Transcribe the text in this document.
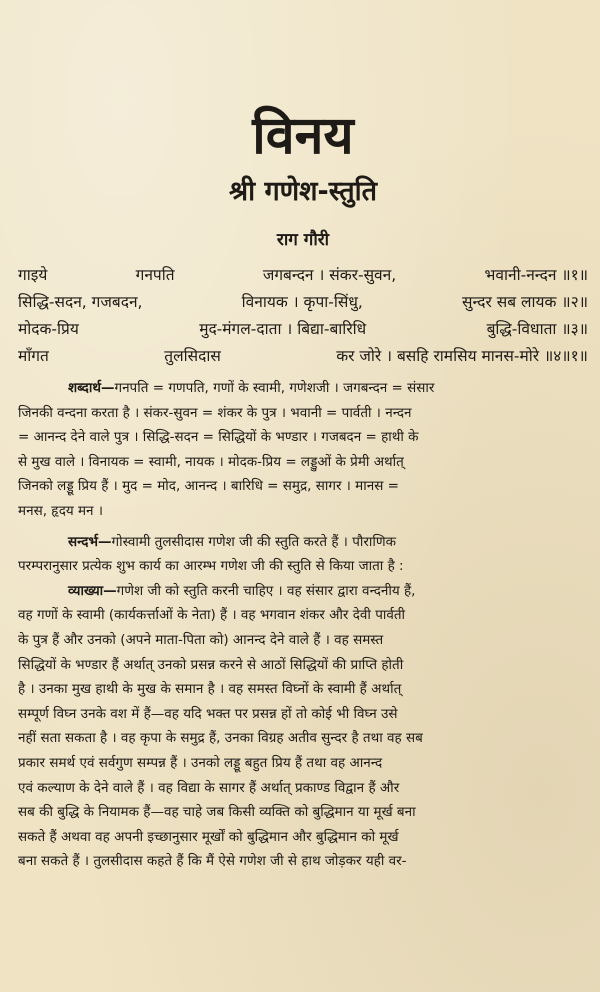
विनय
श्री गणेश-स्तुति
राग गौरी
गाइये	गनपति	जगबन्दन । संकर-सुवन,	भवानी-नन्दन ॥१॥
सिद्धि-सदन, गजबदन,	विनायक । कृपा-सिंधु,	सुन्दर सब लायक ॥२॥
मोदक-प्रिय	मुद-मंगल-दाता । बिद्या-बारिधि	बुद्धि-विधाता ॥३॥
माँगत	तुलसिदास	कर जोरे । बसहि रामसिय मानस-मोरे ॥४॥१॥

शब्दार्थ—गनपति = गणपति, गणों के स्वामी, गणेशजी । जगबन्दन = संसार

जिनकी वन्दना करता है । संकर-सुवन = शंकर के पुत्र । भवानी = पार्वती । नन्दन

= आनन्द देने वाले पुत्र । सिद्धि-सदन = सिद्धियों के भण्डार । गजबदन = हाथी के

से मुख वाले । विनायक = स्वामी, नायक । मोदक-प्रिय = लड्डुओं के प्रेमी अर्थात्

जिनको लड्डू प्रिय हैं । मुद = मोद, आनन्द । बारिधि = समुद्र, सागर । मानस =

मनस, हृदय मन ।

सन्दर्भ—गोस्वामी तुलसीदास गणेश जी की स्तुति करते हैं । पौराणिक

परम्परानुसार प्रत्येक शुभ कार्य का आरम्भ गणेश जी की स्तुति से किया जाता है :

व्याख्या—गणेश जी को स्तुति करनी चाहिए । वह संसार द्वारा वन्दनीय हैं,

वह गणों के स्वामी (कार्यकर्त्ताओं के नेता) हैं । वह भगवान शंकर और देवी पार्वती

के पुत्र हैं और उनको (अपने माता-पिता को) आनन्द देने वाले हैं । वह समस्त

सिद्धियों के भण्डार हैं अर्थात् उनको प्रसन्न करने से आठों सिद्धियों की प्राप्ति होती

है । उनका मुख हाथी के मुख के समान है । वह समस्त विघ्नों के स्वामी हैं अर्थात्

सम्पूर्ण विघ्न उनके वश में हैं—वह यदि भक्त पर प्रसन्न हों तो कोई भी विघ्न उसे

नहीं सता सकता है । वह कृपा के समुद्र हैं, उनका विग्रह अतीव सुन्दर है तथा वह सब

प्रकार समर्थ एवं सर्वगुण सम्पन्न हैं । उनको लड्डू बहुत प्रिय हैं तथा वह आनन्द

एवं कल्याण के देने वाले हैं । वह विद्या के सागर हैं अर्थात् प्रकाण्ड विद्वान हैं और

सब की बुद्धि के नियामक हैं—वह चाहे जब किसी व्यक्ति को बुद्धिमान या मूर्ख बना

सकते हैं अथवा वह अपनी इच्छानुसार मूर्खों को बुद्धिमान और बुद्धिमान को मूर्ख

बना सकते हैं । तुलसीदास कहते हैं कि मैं ऐसे गणेश जी से हाथ जोड़कर यही वर-
